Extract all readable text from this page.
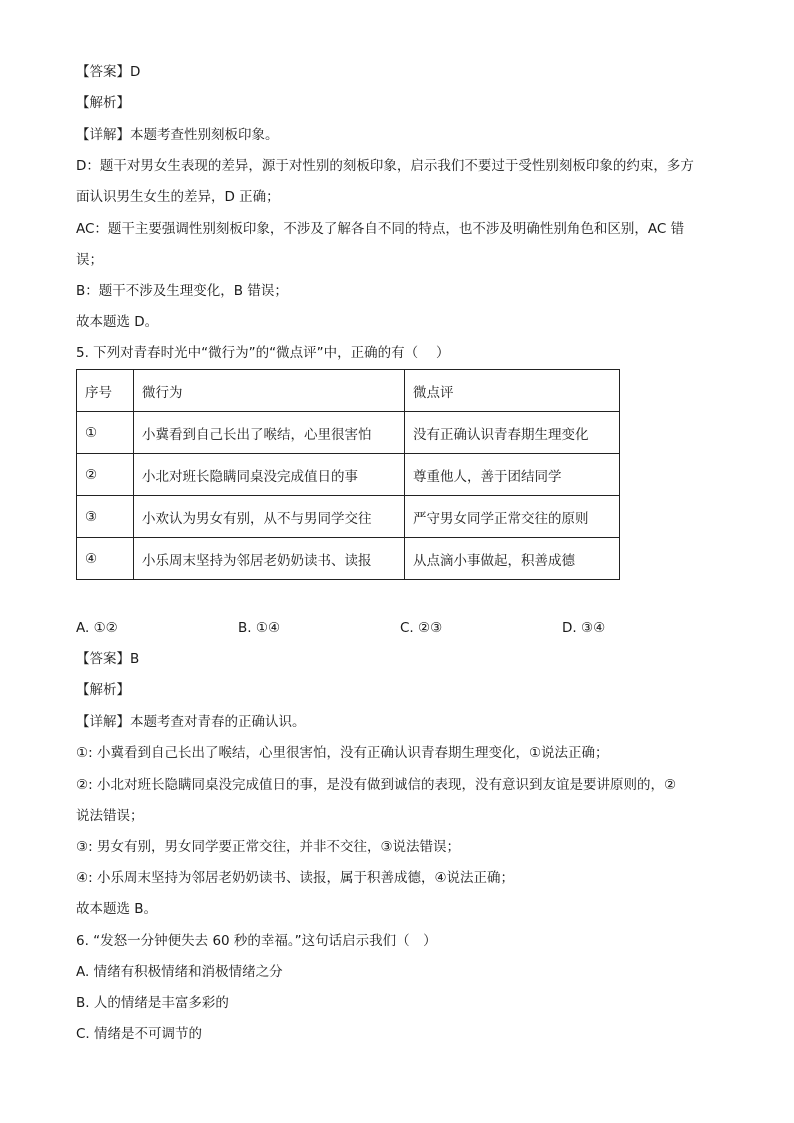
【答案】D
【解析】
【详解】本题考查性别刻板印象。
D：题干对男女生表现的差异，源于对性别的刻板印象，启示我们不要过于受性别刻板印象的约束，多方
面认识男生女生的差异，D 正确；
AC：题干主要强调性别刻板印象，不涉及了解各自不同的特点，也不涉及明确性别角色和区别，AC 错
误；
B：题干不涉及生理变化，B 错误；
故本题选 D。
5. 下列对青春时光中“微行为”的“微点评”中，正确的有（　 ）
序号	微行为	微点评
①	小冀看到自己长出了喉结，心里很害怕	没有正确认识青春期生理变化
②	小北对班长隐瞒同桌没完成值日的事	尊重他人，善于团结同学
③	小欢认为男女有别，从不与男同学交往	严守男女同学正常交往的原则
④	小乐周末坚持为邻居老奶奶读书、读报	从点滴小事做起，积善成德
A. ①②	B. ①④	C. ②③	D. ③④
【答案】B
【解析】
【详解】本题考查对青春的正确认识。
①: 小冀看到自己长出了喉结，心里很害怕，没有正确认识青春期生理变化，①说法正确；
②: 小北对班长隐瞒同桌没完成值日的事，是没有做到诚信的表现，没有意识到友谊是要讲原则的，②
说法错误；
③: 男女有别，男女同学要正常交往，并非不交往，③说法错误；
④: 小乐周末坚持为邻居老奶奶读书、读报，属于积善成德，④说法正确；
故本题选 B。
6. “发怒一分钟便失去 60 秒的幸福。”这句话启示我们（　）
A. 情绪有积极情绪和消极情绪之分
B. 人的情绪是丰富多彩的
C. 情绪是不可调节的
